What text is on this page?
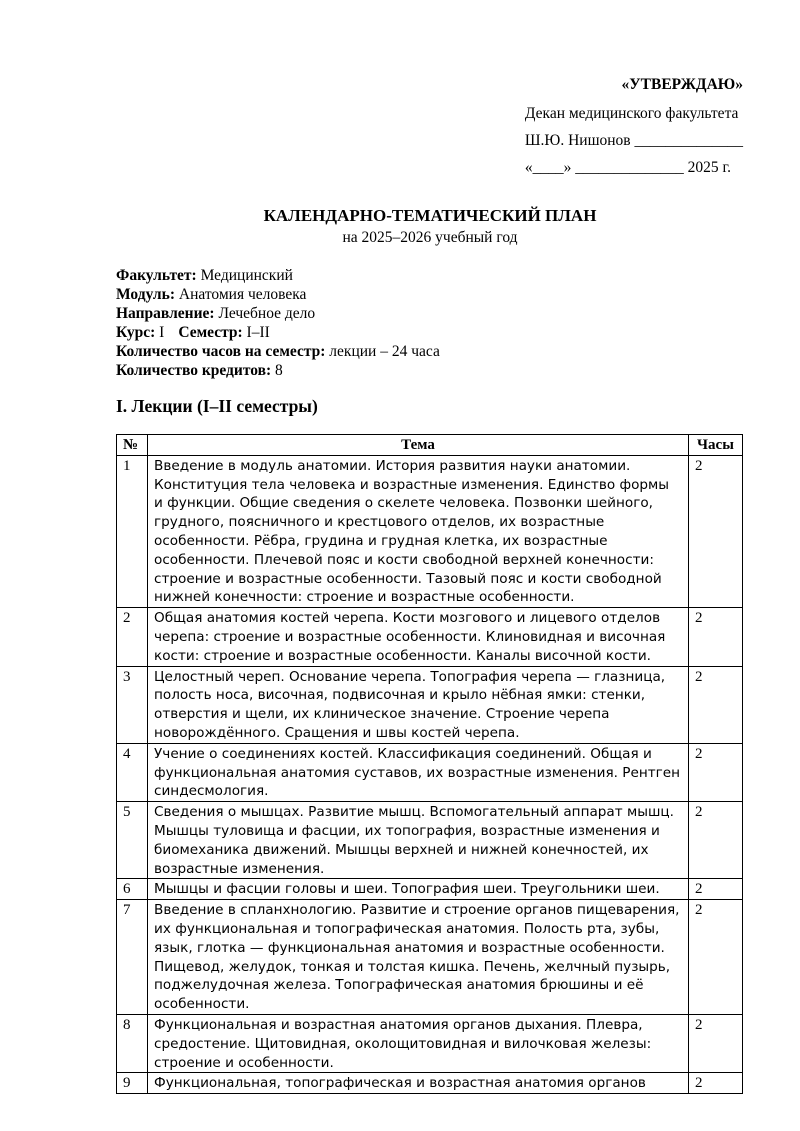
«УТВЕРЖДАЮ»
Декан медицинского факультета
Ш.Ю. Нишонов ______________
«____» ______________ 2025 г.
КАЛЕНДАРНО-ТЕМАТИЧЕСКИЙ ПЛАН
на 2025–2026 учебный год
Факультет: Медицинский
Модуль: Анатомия человека
Направление: Лечебное дело
Курс: I Семестр: I–II
Количество часов на семестр: лекции – 24 часа
Количество кредитов: 8
I. Лекции (I–II семестры)
№	Тема	Часы
1	Введение в модуль анатомии. История развития науки анатомии. Конституция тела человека и возрастные изменения. Единство формы и функции. Общие сведения о скелете человека. Позвонки шейного, грудного, поясничного и крестцового отделов, их возрастные особенности. Рёбра, грудина и грудная клетка, их возрастные особенности. Плечевой пояс и кости свободной верхней конечности: строение и возрастные особенности. Тазовый пояс и кости свободной нижней конечности: строение и возрастные особенности.	2
2	Общая анатомия костей черепа. Кости мозгового и лицевого отделов черепа: строение и возрастные особенности. Клиновидная и височная кости: строение и возрастные особенности. Каналы височной кости.	2
3	Целостный череп. Основание черепа. Топография черепа — глазница, полость носа, височная, подвисочная и крыло нёбная ямки: стенки, отверстия и щели, их клиническое значение. Строение черепа новорождённого. Сращения и швы костей черепа.	2
4	Учение о соединениях костей. Классификация соединений. Общая и функциональная анатомия суставов, их возрастные изменения. Рентген синдесмология.	2
5	Сведения о мышцах. Развитие мышц. Вспомогательный аппарат мышц. Мышцы туловища и фасции, их топография, возрастные изменения и биомеханика движений. Мышцы верхней и нижней конечностей, их возрастные изменения.	2
6	Мышцы и фасции головы и шеи. Топография шеи. Треугольники шеи.	2
7	Введение в спланхнологию. Развитие и строение органов пищеварения, их функциональная и топографическая анатомия. Полость рта, зубы, язык, глотка — функциональная анатомия и возрастные особенности. Пищевод, желудок, тонкая и толстая кишка. Печень, желчный пузырь, поджелудочная железа. Топографическая анатомия брюшины и её особенности.	2
8	Функциональная и возрастная анатомия органов дыхания. Плевра, средостение. Щитовидная, околощитовидная и вилочковая железы: строение и особенности.	2
9	Функциональная, топографическая и возрастная анатомия органов	2
